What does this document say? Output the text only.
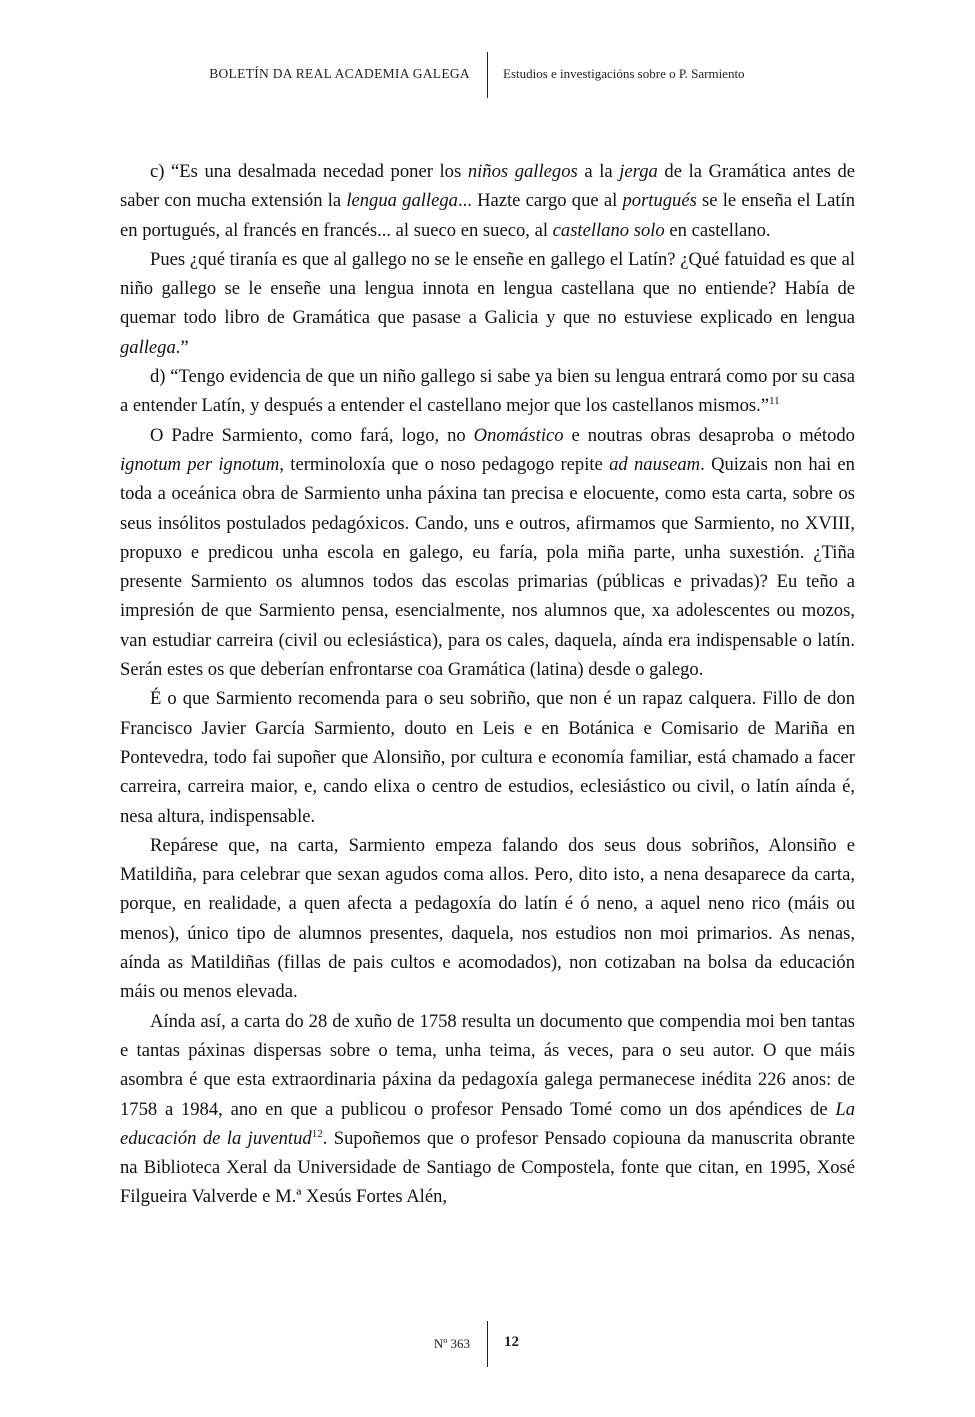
BOLETÍN DA REAL ACADEMIA GALEGA	Estudios e investigacións sobre o P. Sarmiento

c) “Es una desalmada necedad poner los niños gallegos a la jerga de la Gramática antes de saber con mucha extensión la lengua gallega... Hazte cargo que al portugués se le enseña el Latín en portugués, al francés en francés... al sueco en sueco, al castellano solo en castellano.

Pues ¿qué tiranía es que al gallego no se le enseñe en gallego el Latín? ¿Qué fatuidad es que al niño gallego se le enseñe una lengua innota en lengua castellana que no entiende? Había de quemar todo libro de Gramática que pasase a Galicia y que no estuviese explicado en lengua gallega.”

d) “Tengo evidencia de que un niño gallego si sabe ya bien su lengua entrará como por su casa a entender Latín, y después a entender el castellano mejor que los castellanos mismos.”$^{11}$

O Padre Sarmiento, como fará, logo, no Onomástico e noutras obras desaproba o método ignotum per ignotum, terminoloxía que o noso pedagogo repite ad nauseam. Quizais non hai en toda a oceánica obra de Sarmiento unha páxina tan precisa e elocuente, como esta carta, sobre os seus insólitos postulados pedagóxicos. Cando, uns e outros, afirmamos que Sarmiento, no XVIII, propuxo e predicou unha escola en galego, eu faría, pola miña parte, unha suxestión. ¿Tiña presente Sarmiento os alumnos todos das escolas primarias (públicas e privadas)? Eu teño a impresión de que Sarmiento pensa, esencialmente, nos alumnos que, xa adolescentes ou mozos, van estudiar carreira (civil ou eclesiástica), para os cales, daquela, aínda era indispensable o latín. Serán estes os que deberían enfrontarse coa Gramática (latina) desde o galego.

É o que Sarmiento recomenda para o seu sobriño, que non é un rapaz calquera. Fillo de don Francisco Javier García Sarmiento, douto en Leis e en Botánica e Comisario de Mariña en Pontevedra, todo fai supoñer que Alonsiño, por cultura e economía familiar, está chamado a facer carreira, carreira maior, e, cando elixa o centro de estudios, eclesiástico ou civil, o latín aínda é, nesa altura, indispensable.

Repárese que, na carta, Sarmiento empeza falando dos seus dous sobriños, Alonsiño e Matildiña, para celebrar que sexan agudos coma allos. Pero, dito isto, a nena desaparece da carta, porque, en realidade, a quen afecta a pedagoxía do latín é ó neno, a aquel neno rico (máis ou menos), único tipo de alumnos presentes, daquela, nos estudios non moi primarios. As nenas, aínda as Matildiñas (fillas de pais cultos e acomodados), non cotizaban na bolsa da educación máis ou menos elevada.

Aínda así, a carta do 28 de xuño de 1758 resulta un documento que compendia moi ben tantas e tantas páxinas dispersas sobre o tema, unha teima, ás veces, para o seu autor. O que máis asombra é que esta extraordinaria páxina da pedagoxía galega permanecese inédita 226 anos: de 1758 a 1984, ano en que a publicou o profesor Pensado Tomé como un dos apéndices de La educación de la juventud$^{12}$. Supoñemos que o profesor Pensado copiouna da manuscrita obrante na Biblioteca Xeral da Universidade de Santiago de Compostela, fonte que citan, en 1995, Xosé Filgueira Valverde e M.ª Xesús Fortes Alén,

Nº 363 12
